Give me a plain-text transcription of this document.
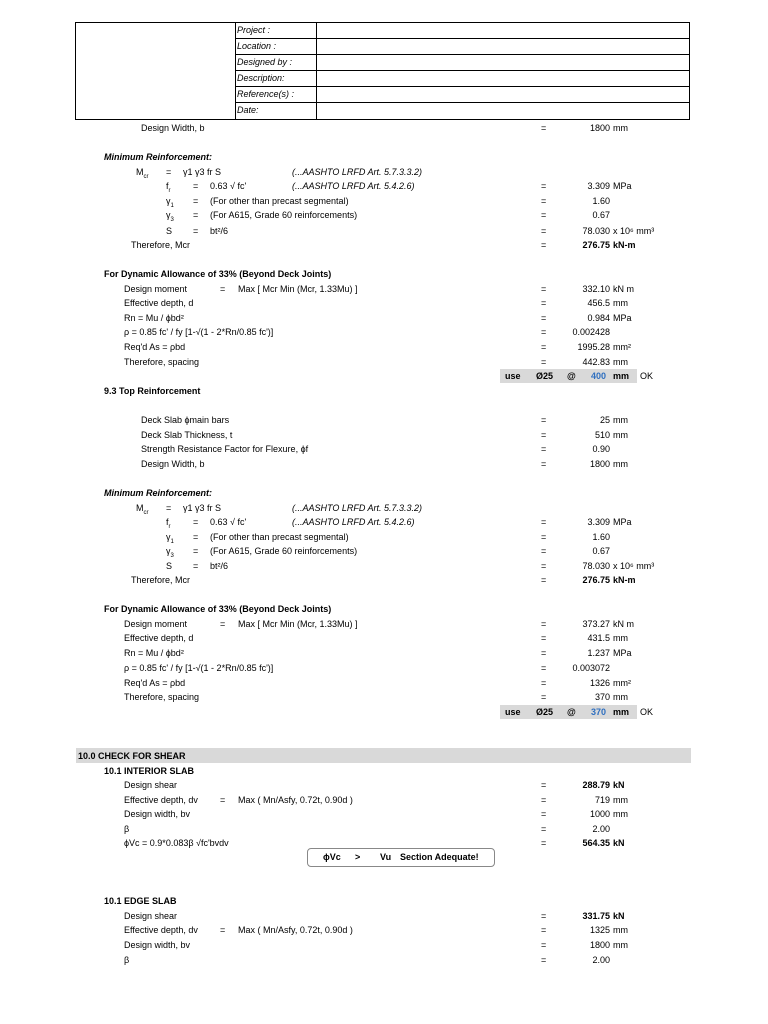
Project :
Location :
Designed by :
Description:
Reference(s) :
Date:
Design Width, b	=	1800 mm
Minimum Reinforcement:
$M_{cr} = \gamma 1$ γ3 fr S	(...AASHTO LRFD Art. 5.7.3.3.2)
$f_r = 0.63$ √ fc'	(...AASHTO LRFD Art. 5.4.2.6)	=	3.309 MPa
$\gamma_1 = (For$ other than precast segmental)	=	1.60
$\gamma_3 = (For$ A615, Grade 60 reinforcements)	=	0.67
S = bt²/6	=	78.030 x 10⁶ mm³
Therefore, Mcr	=	276.75 kN-m
For Dynamic Allowance of 33% (Beyond Deck Joints)
Design moment	= Max [ Mcr Min (Mcr, 1.33Mu) ]	=	332.10 kN m
Effective depth, d	=	456.5 mm
Rn = Mu / ϕbd²	=	0.984 MPa
ρ = 0.85 fc' / fy [1-√(1 - 2*Rn/0.85 fc')]	=	0.002428
Req'd As = ρbd	=	1995.28 mm²
Therefore, spacing	=	442.83 mm
use Ø25 @	400 mm OK
9.3 Top Reinforcement
Deck Slab ϕmain bars	=	25 mm
Deck Slab Thickness, t	=	510 mm
Strength Resistance Factor for Flexure, ϕf	=	0.90
Design Width, b	=	1800 mm
Minimum Reinforcement:
$M_{cr} = \gamma 1$ γ3 fr S	(...AASHTO LRFD Art. 5.7.3.3.2)
$f_r = 0.63$ √ fc'	(...AASHTO LRFD Art. 5.4.2.6)	=	3.309 MPa
$\gamma_1 = (For$ other than precast segmental)	=	1.60
$\gamma_3 = (For$ A615, Grade 60 reinforcements)	=	0.67
S = bt²/6	=	78.030 x 10⁶ mm³
Therefore, Mcr	=	276.75 kN-m
For Dynamic Allowance of 33% (Beyond Deck Joints)
Design moment	= Max [ Mcr Min (Mcr, 1.33Mu) ]	=	373.27 kN m
Effective depth, d	=	431.5 mm
Rn = Mu / ϕbd²	=	1.237 MPa
ρ = 0.85 fc' / fy [1-√(1 - 2*Rn/0.85 fc')]	=	0.003072
Req'd As = ρbd	=	1326 mm²
Therefore, spacing	=	370 mm
use Ø25 @	370 mm OK
10.0 CHECK FOR SHEAR
10.1 INTERIOR SLAB
Design shear	=	288.79 kN
Effective depth, dv = Max ( Mn/Asfy, 0.72t, 0.90d )	=	719 mm
Design width, bv	=	1000 mm
β	=	2.00
ϕVc = 0.9*0.083β √fc'bvdv	=	564.35 kN
ϕVc > Vu Section Adequate!
10.1 EDGE SLAB
Design shear	=	331.75 kN
Effective depth, dv = Max ( Mn/Asfy, 0.72t, 0.90d )	=	1325 mm
Design width, bv	=	1800 mm
β	=	2.00
